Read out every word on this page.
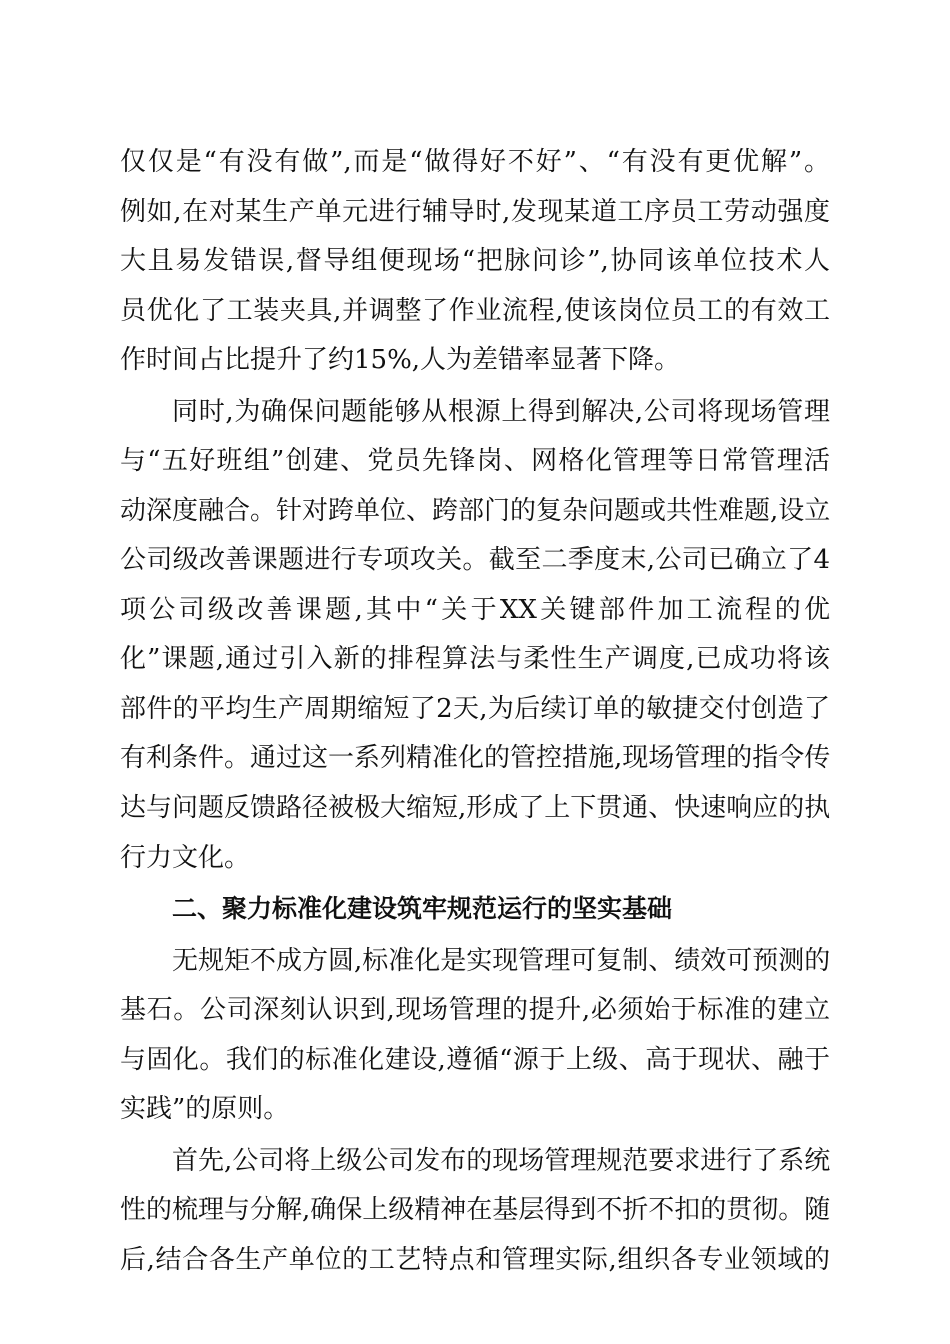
仅仅是“有没有做”,而是“做得好不好”、“有没有更优解”。
例如,在对某生产单元进行辅导时,发现某道工序员工劳动强度
大且易发错误,督导组便现场“把脉问诊”,协同该单位技术人
员优化了工装夹具,并调整了作业流程,使该岗位员工的有效工
作时间占比提升了约15%,人为差错率显著下降。
同时,为确保问题能够从根源上得到解决,公司将现场管理
与“五好班组”创建、党员先锋岗、网格化管理等日常管理活
动深度融合。针对跨单位、跨部门的复杂问题或共性难题,设立
公司级改善课题进行专项攻关。截至二季度末,公司已确立了4
项公司级改善课题,其中“关于XX关键部件加工流程的优
化”课题,通过引入新的排程算法与柔性生产调度,已成功将该
部件的平均生产周期缩短了2天,为后续订单的敏捷交付创造了
有利条件。通过这一系列精准化的管控措施,现场管理的指令传
达与问题反馈路径被极大缩短,形成了上下贯通、快速响应的执
行力文化。
二、聚力标准化建设筑牢规范运行的坚实基础
无规矩不成方圆,标准化是实现管理可复制、绩效可预测的
基石。公司深刻认识到,现场管理的提升,必须始于标准的建立
与固化。我们的标准化建设,遵循“源于上级、高于现状、融于
实践”的原则。
首先,公司将上级公司发布的现场管理规范要求进行了系统
性的梳理与分解,确保上级精神在基层得到不折不扣的贯彻。随
后,结合各生产单位的工艺特点和管理实际,组织各专业领域的
